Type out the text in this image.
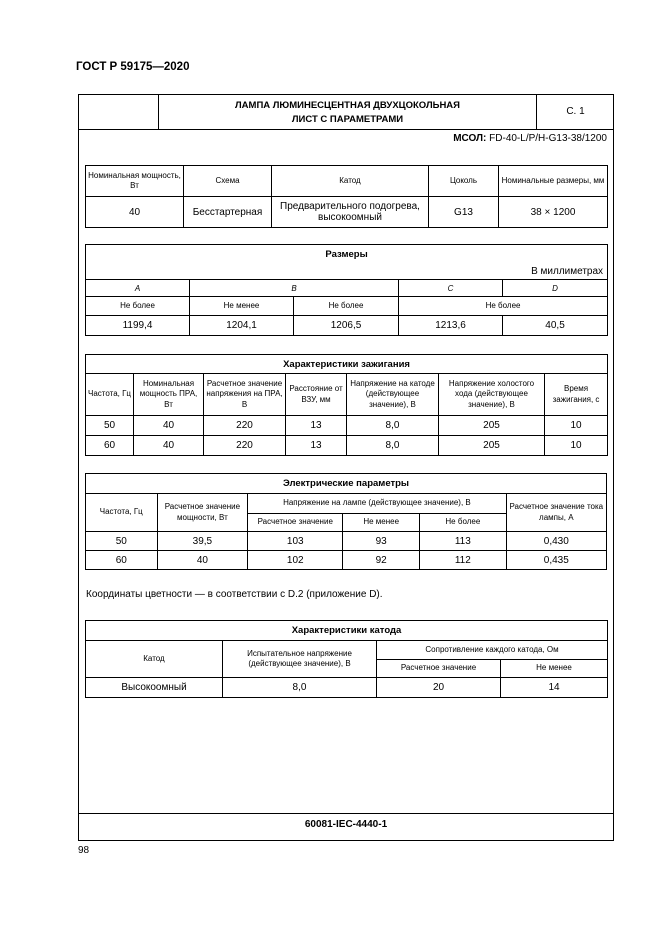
ГОСТ Р 59175—2020
ЛАМПА ЛЮМИНЕСЦЕНТНАЯ ДВУХЦОКОЛЬНАЯ
ЛИСТ С ПАРАМЕТРАМИ
С. 1
МСОЛ: FD-40-L/P/H-G13-38/1200
60081-IEC-4440-1
Номинальная мощность, Вт	Схема	Катод	Цоколь	Номинальные размеры, мм
40	Бесстартерная	Предварительного подогрева, высокоомный	G13	38 × 1200
Размеры				
В миллиметрах				
A	B		C	D
Не более	Не менее	Не более	Не более	
1199,4	1204,1	1206,5	1213,6	40,5
Характеристики зажигания						
Частота, Гц	Номинальная мощность ПРА, Вт	Расчетное значение напряжения на ПРА, В	Расстояние от ВЗУ, мм	Напряжение на катоде (действующее значение), В	Напряжение холостого хода (действующее значение), В	Время зажигания, с
50	40	220	13	8,0	205	10
60	40	220	13	8,0	205	10
Электрические параметры					
Частота, Гц	Расчетное значение мощности, Вт	Напряжение на лампе (действующее значение), В			Расчетное значение тока лампы, А
		Расчетное значение	Не менее	Не более	
50	39,5	103	93	113	0,430
60	40	102	92	112	0,435
Координаты цветности — в соответствии с D.2 (приложение D).
Характеристики катода			
Катод	Испытательное напряжение (действующее значение), В	Сопротивление каждого катода, Ом	
		Расчетное значение	Не менее
Высокоомный	8,0	20	14
98
